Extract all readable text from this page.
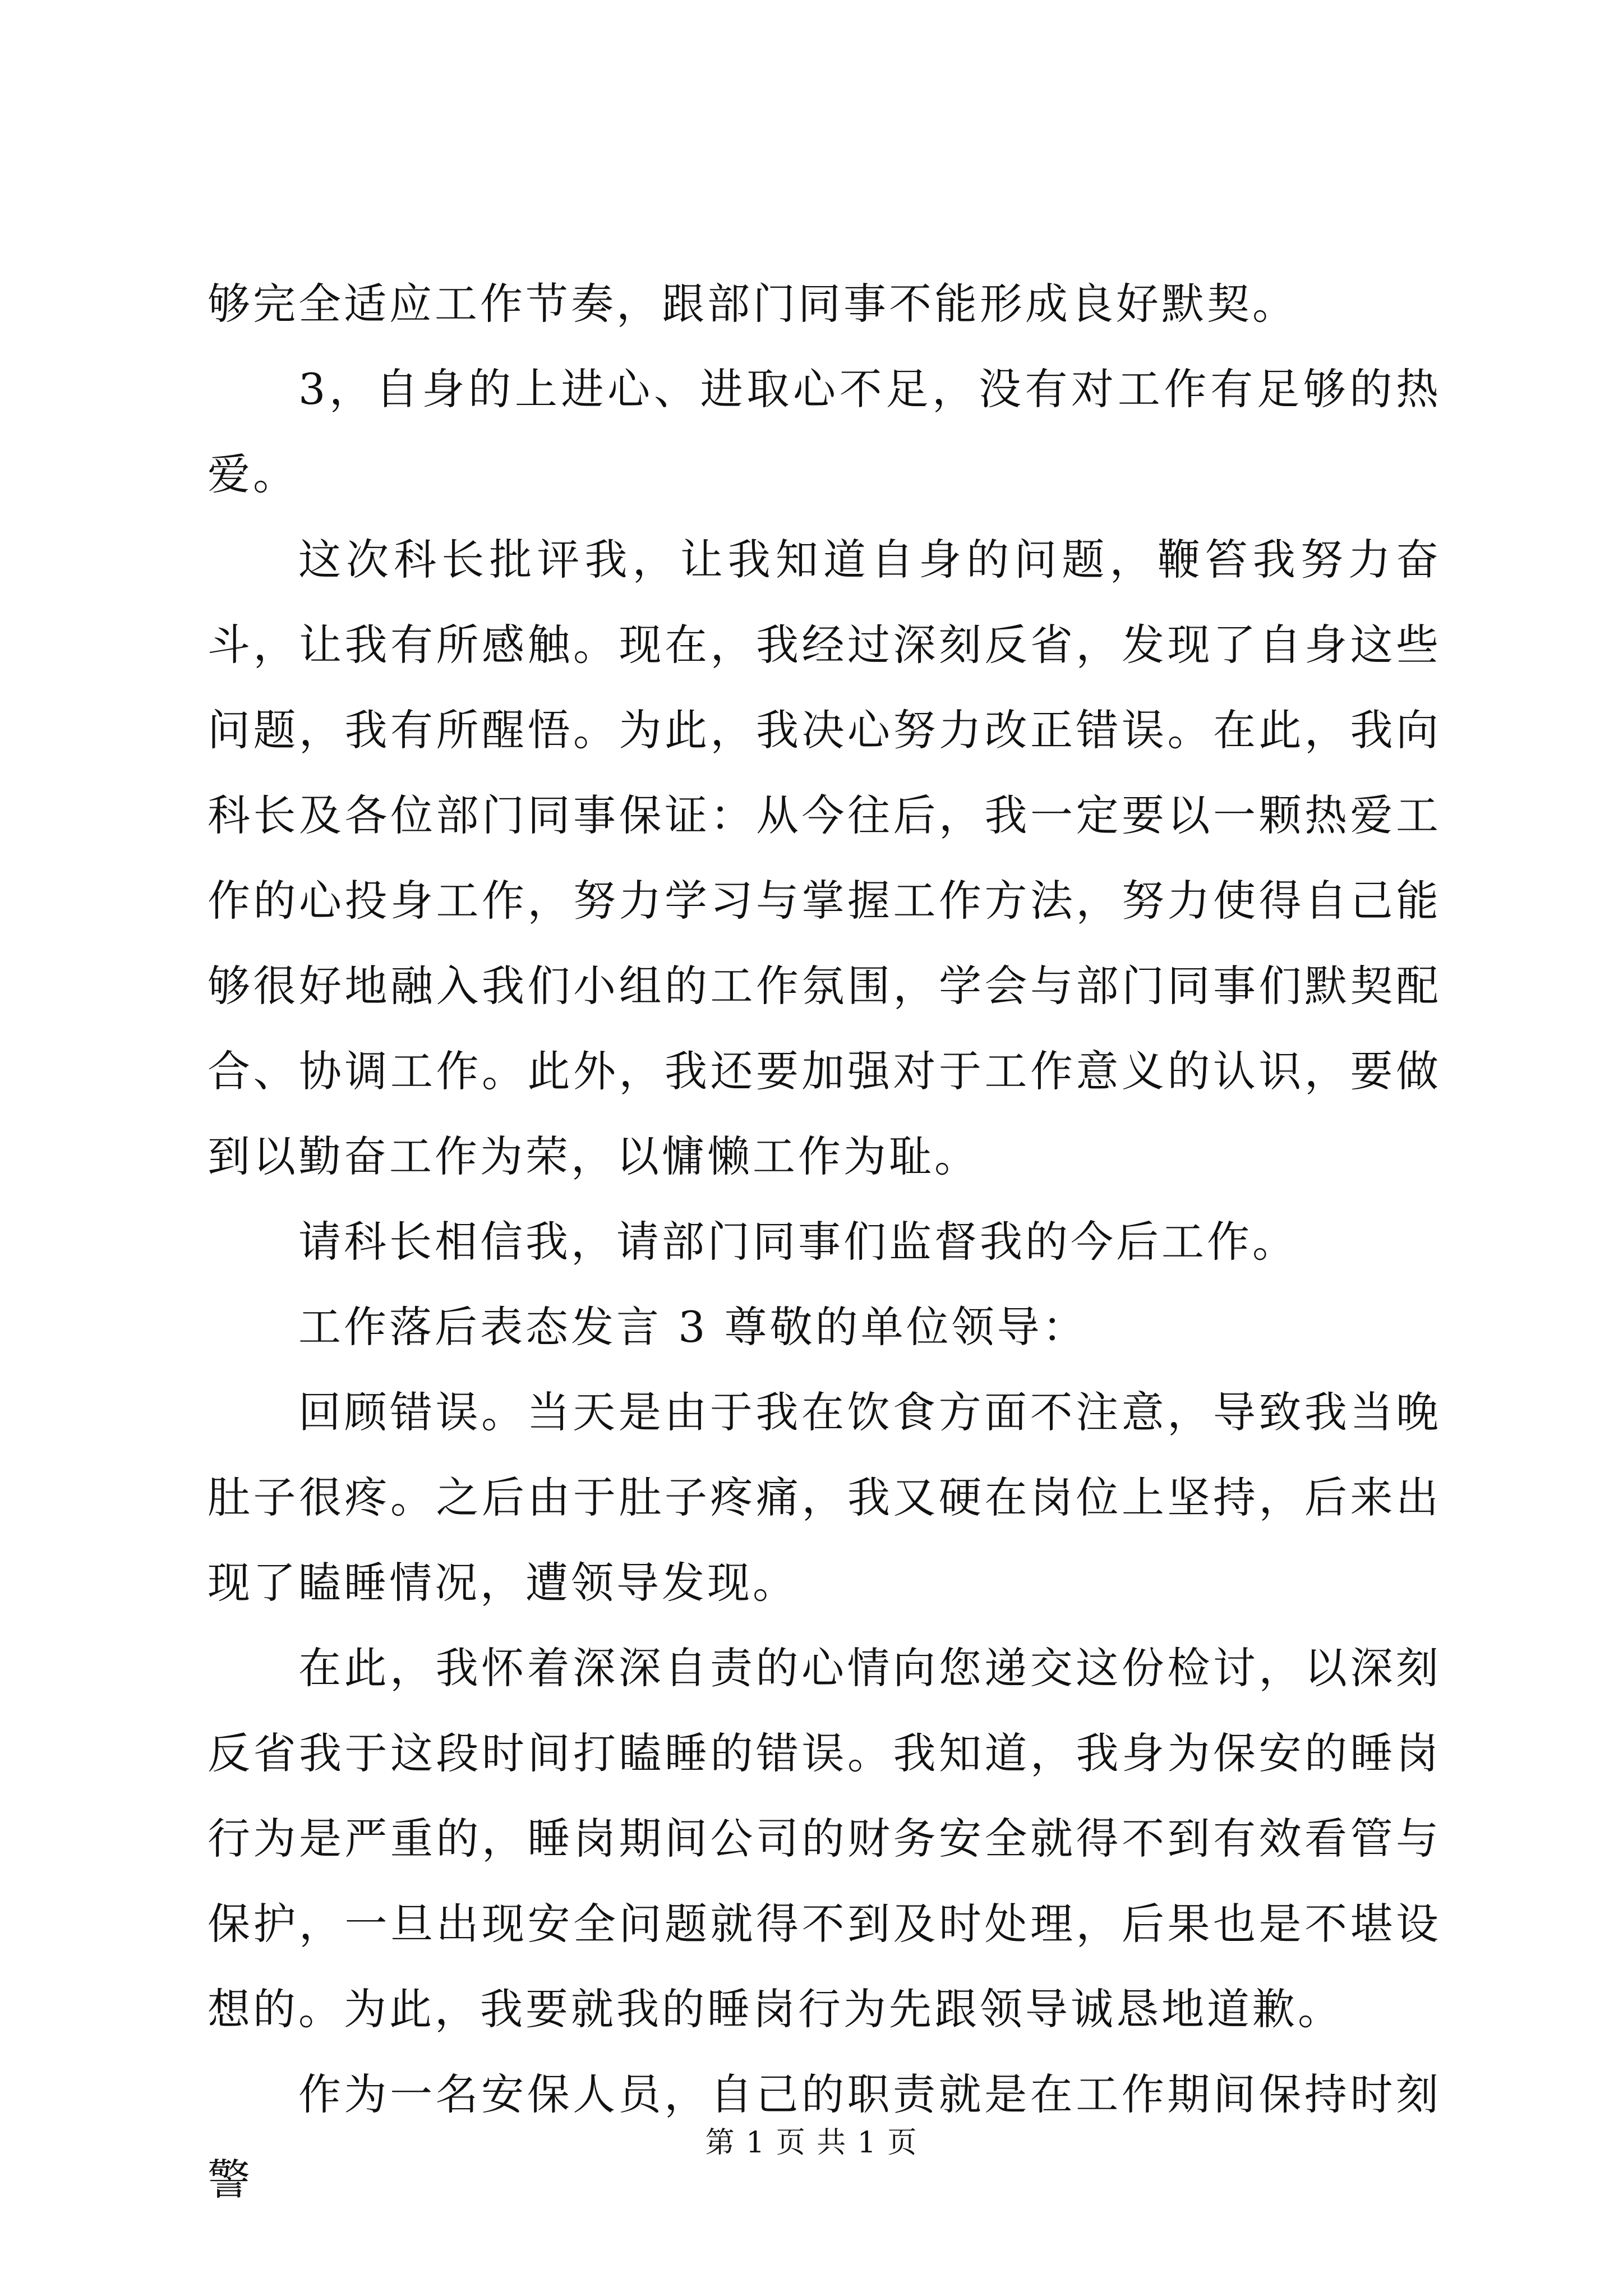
够完全适应工作节奏，跟部门同事不能形成良好默契。

3，自身的上进心、进取心不足，没有对工作有足够的热爱。

这次科长批评我，让我知道自身的问题，鞭笞我努力奋斗，让我有所感触。现在，我经过深刻反省，发现了自身这些问题，我有所醒悟。为此，我决心努力改正错误。在此，我向科长及各位部门同事保证：从今往后，我一定要以一颗热爱工作的心投身工作，努力学习与掌握工作方法，努力使得自己能够很好地融入我们小组的工作氛围，学会与部门同事们默契配合、协调工作。此外，我还要加强对于工作意义的认识，要做到以勤奋工作为荣，以慵懒工作为耻。

请科长相信我，请部门同事们监督我的今后工作。

工作落后表态发言 3 尊敬的单位领导：

回顾错误。当天是由于我在饮食方面不注意，导致我当晚肚子很疼。之后由于肚子疼痛，我又硬在岗位上坚持，后来出现了瞌睡情况，遭领导发现。

在此，我怀着深深自责的心情向您递交这份检讨，以深刻反省我于这段时间打瞌睡的错误。我知道，我身为保安的睡岗行为是严重的，睡岗期间公司的财务安全就得不到有效看管与保护，一旦出现安全问题就得不到及时处理，后果也是不堪设想的。为此，我要就我的睡岗行为先跟领导诚恳地道歉。

作为一名安保人员，自己的职责就是在工作期间保持时刻警

第 1 页 共 1 页
